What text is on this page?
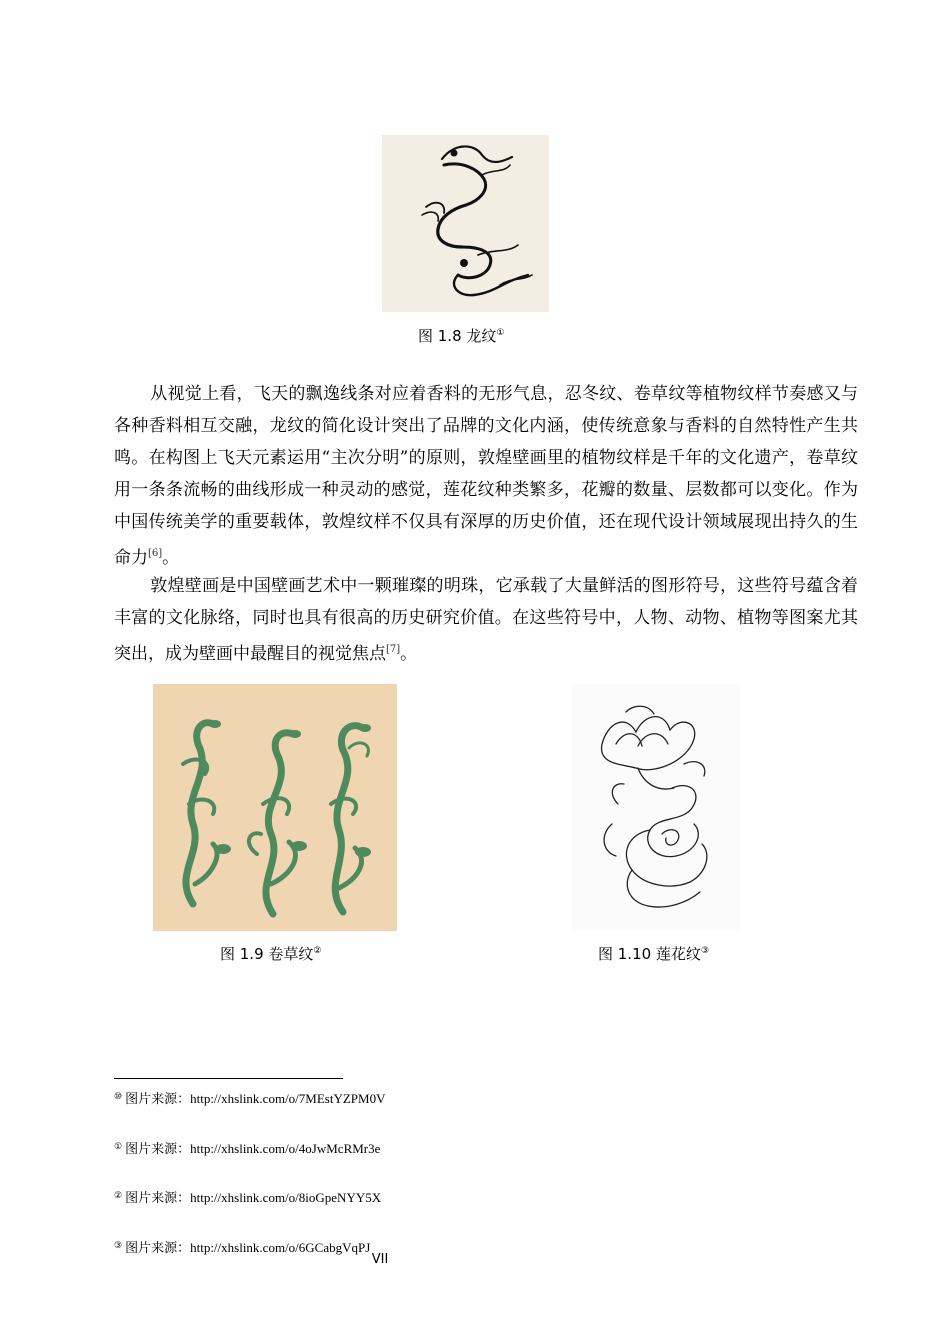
图 1.8 龙纹①
从视觉上看，飞天的飘逸线条对应着香料的无形气息，忍冬纹、卷草纹等植物纹样节奏感又与各种香料相互交融，龙纹的简化设计突出了品牌的文化内涵，使传统意象与香料的自然特性产生共鸣。在构图上飞天元素运用“主次分明”的原则，敦煌壁画里的植物纹样是千年的文化遗产，卷草纹用一条条流畅的曲线形成一种灵动的感觉，莲花纹种类繁多，花瓣的数量、层数都可以变化。作为中国传统美学的重要载体，敦煌纹样不仅具有深厚的历史价值，还在现代设计领域展现出持久的生命力[6]。
敦煌壁画是中国壁画艺术中一颗璀璨的明珠，它承载了大量鲜活的图形符号，这些符号蕴含着丰富的文化脉络，同时也具有很高的历史研究价值。在这些符号中，人物、动物、植物等图案尤其突出，成为壁画中最醒目的视觉焦点[7]。
图 1.9 卷草纹②	图 1.10 莲花纹③
⑩ 图片来源：http://xhslink.com/o/7MEstYZPM0V
① 图片来源：http://xhslink.com/o/4oJwMcRMr3e
② 图片来源：http://xhslink.com/o/8ioGpeNYY5X
③ 图片来源：http://xhslink.com/o/6GCabgVqPJ
VII
